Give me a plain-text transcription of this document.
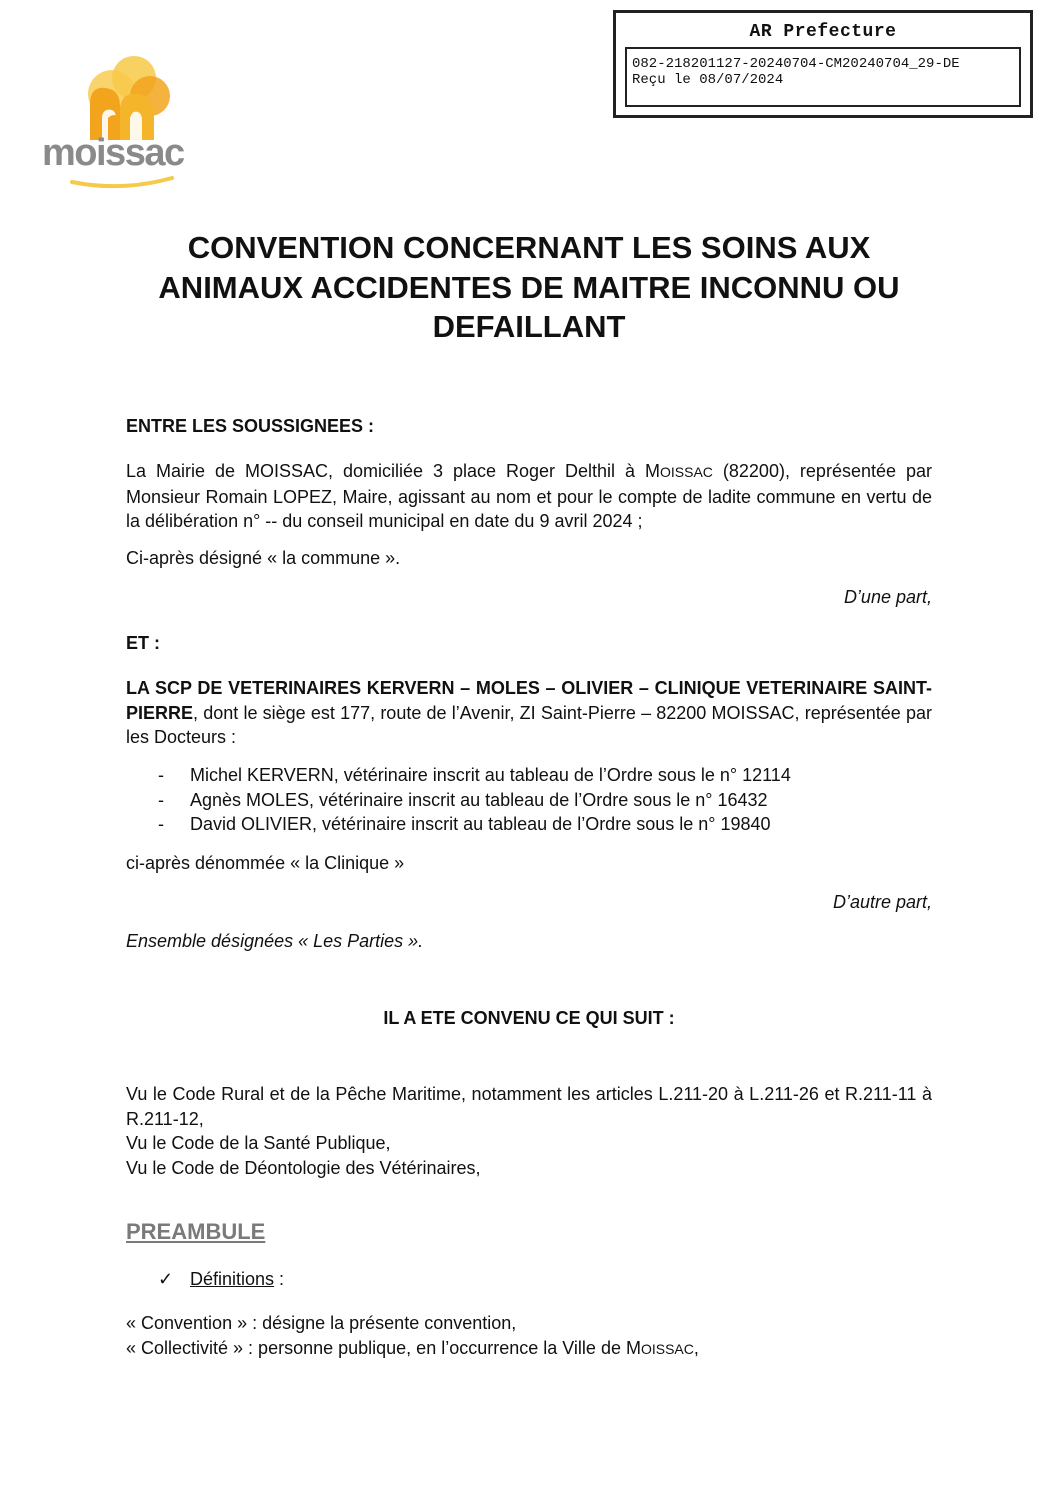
AR Prefecture
082-218201127-20240704-CM20240704_29-DE
Reçu le 08/07/2024
moissac
CONVENTION CONCERNANT LES SOINS AUX
ANIMAUX ACCIDENTES DE MAITRE INCONNU OU
DEFAILLANT

ENTRE LES SOUSSIGNEES :

La Mairie de MOISSAC, domiciliée 3 place Roger Delthil à MOISSAC (82200), représentée par Monsieur Romain LOPEZ, Maire, agissant au nom et pour le compte de ladite commune en vertu de la délibération n° -- du conseil municipal en date du 9 avril 2024 ;

Ci-après désigné « la commune ».

D’une part,

ET :

LA SCP DE VETERINAIRES KERVERN – MOLES – OLIVIER – CLINIQUE VETERINAIRE SAINT-PIERRE, dont le siège est 177, route de l’Avenir, ZI Saint-Pierre – 82200 MOISSAC, représentée par les Docteurs :

- Michel KERVERN, vétérinaire inscrit au tableau de l’Ordre sous le n° 12114
- Agnès MOLES, vétérinaire inscrit au tableau de l’Ordre sous le n° 16432
- David OLIVIER, vétérinaire inscrit au tableau de l’Ordre sous le n° 19840

ci-après dénommée « la Clinique »

D’autre part,

Ensemble désignées « Les Parties ».

IL A ETE CONVENU CE QUI SUIT :

Vu le Code Rural et de la Pêche Maritime, notamment les articles L.211-20 à L.211-26 et R.211-11 à R.211-12,
Vu le Code de la Santé Publique,
Vu le Code de Déontologie des Vétérinaires,
PREAMBULE
✓ Définitions :
« Convention » : désigne la présente convention,
« Collectivité » : personne publique, en l’occurrence la Ville de MOISSAC,
